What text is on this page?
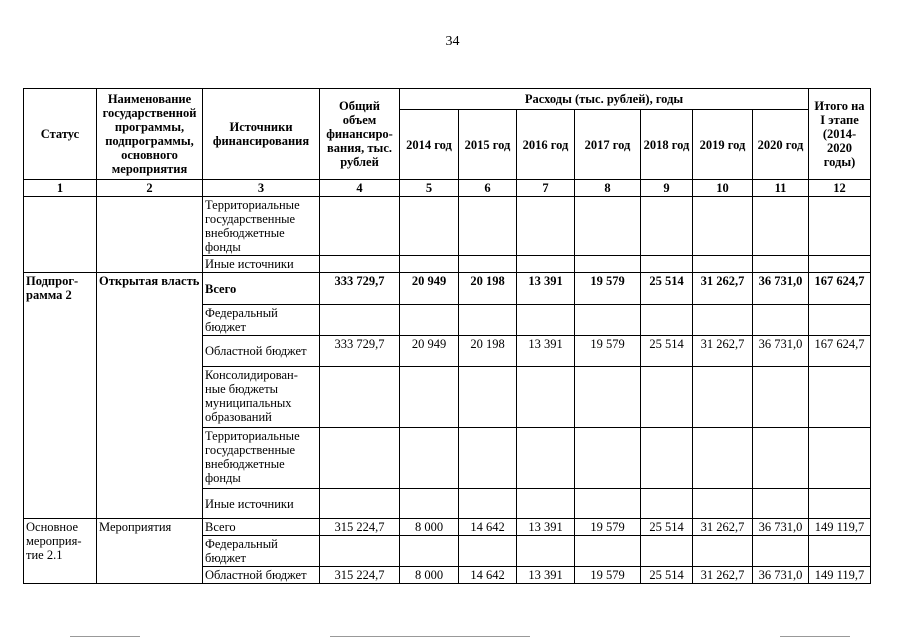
34
Статус	Наименование государственной программы, подпрограммы, основного мероприятия	Источники финансирования	Общий объем финансиро-вания, тыс. рублей	Расходы (тыс. рублей), годы							Итого на I этапе (2014-2020 годы)
				2014 год	2015 год	2016 год	2017 год	2018 год	2019 год	2020 год	
1	2	3	4	5	6	7	8	9	10	11	12
		Территориальные государственные внебюджетные фонды									
		Иные источники									
Подпрог-рамма 2	Открытая власть	Всего	333 729,7	20 949	20 198	13 391	19 579	25 514	31 262,7	36 731,0	167 624,7
		Федеральный бюджет									
		Областной бюджет	333 729,7	20 949	20 198	13 391	19 579	25 514	31 262,7	36 731,0	167 624,7
		Консолидирован-ные бюджеты муниципальных образований									
		Территориальные государственные внебюджетные фонды									
		Иные источники									
Основное мероприя-тие 2.1	Мероприятия	Всего	315 224,7	8 000	14 642	13 391	19 579	25 514	31 262,7	36 731,0	149 119,7
		Федеральный бюджет									
		Областной бюджет	315 224,7	8 000	14 642	13 391	19 579	25 514	31 262,7	36 731,0	149 119,7
